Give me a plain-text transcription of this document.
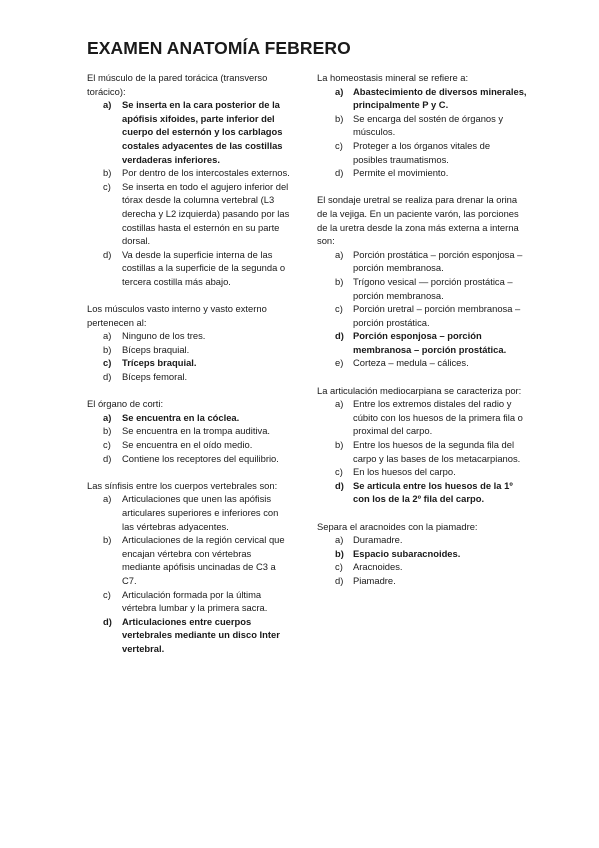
EXAMEN ANATOMÍA FEBRERO

El músculo de la pared torácica (transverso torácico):

a) Se inserta en la cara posterior de la apófisis xifoides, parte inferior del cuerpo del esternón y los carblagos costales adyacentes de las costillas verdaderas inferiores.
b) Por dentro de los intercostales externos.
c) Se inserta en todo el agujero inferior del tórax desde la columna vertebral (L3 derecha y L2 izquierda) pasando por las costillas hasta el esternón en su parte dorsal.
d) Va desde la superficie interna de las costillas a la superficie de la segunda o tercera costilla más abajo.

Los músculos vasto interno y vasto externo pertenecen al:

a) Ninguno de los tres.
b) Bíceps braquial.
c) Tríceps braquial.
d) Bíceps femoral.

El órgano de corti:

a) Se encuentra en la cóclea.
b) Se encuentra en la trompa auditiva.
c) Se encuentra en el oído medio.
d) Contiene los receptores del equilibrio.

Las sínfisis entre los cuerpos vertebrales son:

a) Articulaciones que unen las apófisis articulares superiores e inferiores con las vértebras adyacentes.
b) Articulaciones de la región cervical que encajan vértebra con vértebras mediante apófisis uncinadas de C3 a C7.
c) Articulación formada por la última vértebra lumbar y la primera sacra.
d) Articulaciones entre cuerpos vertebrales mediante un disco Inter vertebral.

La homeostasis mineral se refiere a:

a) Abastecimiento de diversos minerales, principalmente P y C.
b) Se encarga del sostén de órganos y músculos.
c) Proteger a los órganos vitales de posibles traumatismos.
d) Permite el movimiento.

El sondaje uretral se realiza para drenar la orina de la vejiga. En un paciente varón, las porciones de la uretra desde la zona más externa a interna son:

a) Porción prostática – porción esponjosa – porción membranosa.
b) Trígono vesical — porción prostática – porción membranosa.
c) Porción uretral – porción membranosa – porción prostática.
d) Porción esponjosa – porción membranosa – porción prostática.
e) Corteza – medula – cálices.

La articulación mediocarpiana se caracteriza por:

a) Entre los extremos distales del radio y cúbito con los huesos de la primera fila o proximal del carpo.
b) Entre los huesos de la segunda fila del carpo y las bases de los metacarpianos.
c) En los huesos del carpo.
d) Se articula entre los huesos de la 1º con los de la 2º fila del carpo.

Separa el aracnoides con la piamadre:

a) Duramadre.
b) Espacio subaracnoides.
c) Aracnoides.
d) Piamadre.
